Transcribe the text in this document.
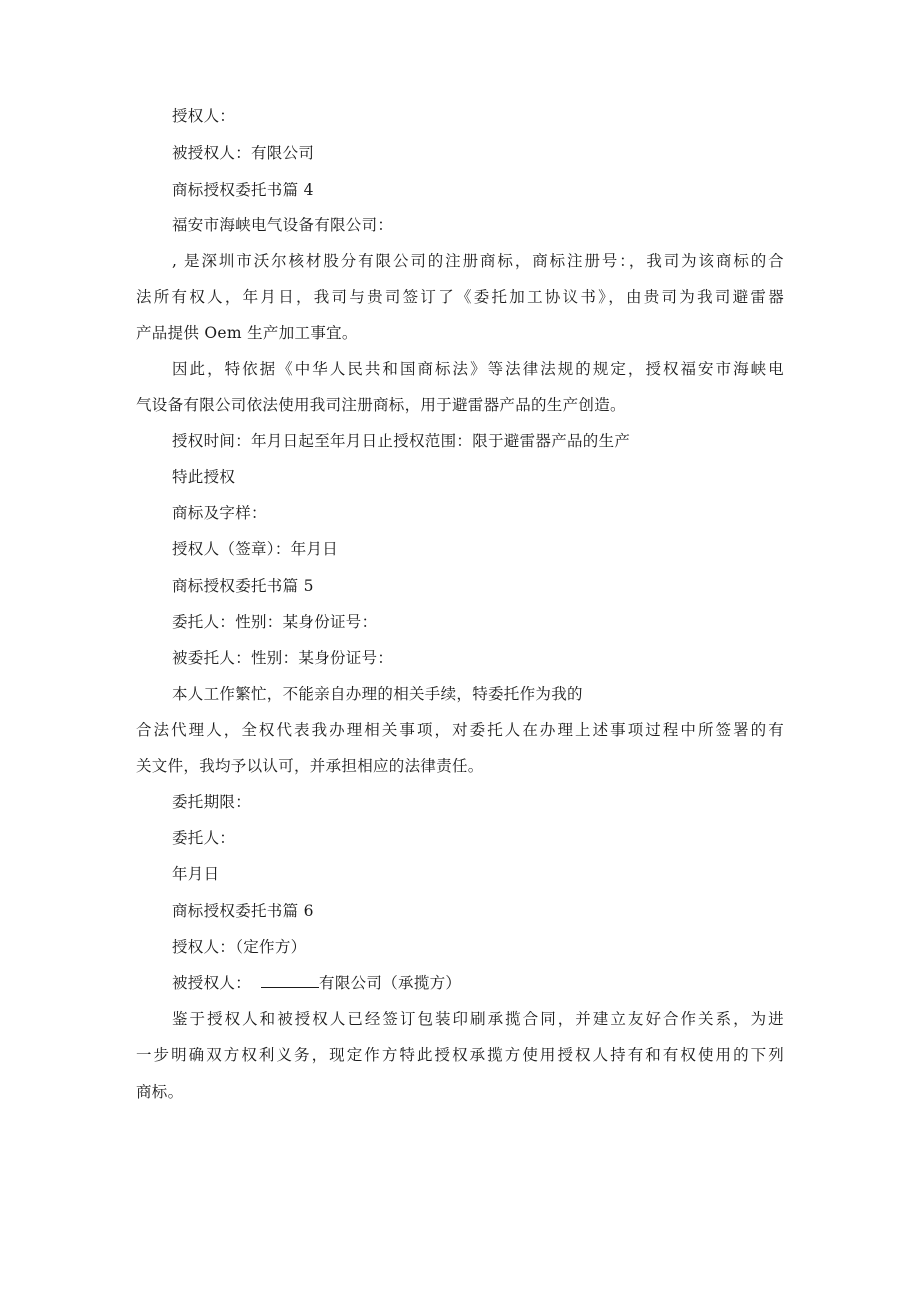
授权人：
被授权人：有限公司
商标授权委托书篇 4
福安市海峡电气设备有限公司：
, 是深圳市沃尔核材股分有限公司的注册商标，商标注册号：，我司为该商标的合
法所有权人，年月日，我司与贵司签订了《委托加工协议书》，由贵司为我司避雷器
产品提供 Oem 生产加工事宜。
因此，特依据《中华人民共和国商标法》等法律法规的规定，授权福安市海峡电
气设备有限公司依法使用我司注册商标，用于避雷器产品的生产创造。
授权时间：年月日起至年月日止授权范围：限于避雷器产品的生产
特此授权
商标及字样：
授权人（签章）：年月日
商标授权委托书篇 5
委托人：性别：某身份证号：
被委托人：性别：某身份证号：
本人工作繁忙，不能亲自办理的相关手续，特委托作为我的
合法代理人，全权代表我办理相关事项，对委托人在办理上述事项过程中所签署的有
关文件，我均予以认可，并承担相应的法律责任。
委托期限：
委托人：
年月日
商标授权委托书篇 6
授权人：（定作方）
被授权人：	有限公司（承揽方）
鉴于授权人和被授权人已经签订包装印刷承揽合同，并建立友好合作关系，为进
一步明确双方权利义务，现定作方特此授权承揽方使用授权人持有和有权使用的下列
商标。
